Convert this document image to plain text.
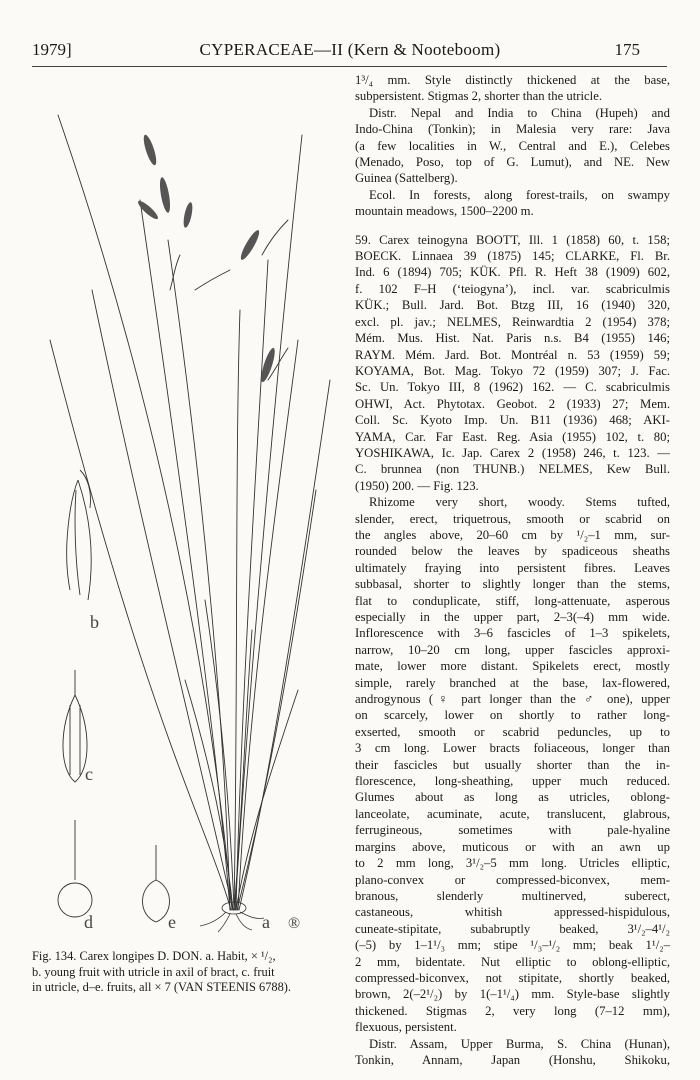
1979]	CYPERACEAE—II (Kern & Nooteboom)	175
b
c
d	e	a ®
Fig. 134. Carex longipes D. DON. a. Habit, × ¹/₂,
b. young fruit with utricle in axil of bract, c. fruit
in utricle, d–e. fruits, all × 7 (VAN STEENIS 6788).

1³/₄ mm. Style distinctly thickened at the base,
subpersistent. Stigmas 2, shorter than the utricle.

Distr. Nepal and India to China (Hupeh) and
Indo-China (Tonkin); in Malesia very rare: Java
(a few localities in W., Central and E.), Celebes
(Menado, Poso, top of G. Lumut), and NE. New
Guinea (Sattelberg).

Ecol. In forests, along forest-trails, on swampy
mountain meadows, 1500–2200 m.

59. Carex teinogyna BOOTT, Ill. 1 (1858) 60, t. 158;
BOECK. Linnaea 39 (1875) 145; CLARKE, Fl. Br.
Ind. 6 (1894) 705; KÜK. Pfl. R. Heft 38 (1909) 602,
f. 102 F–H (‘teiogyna’), incl. var. scabriculmis
KÜK.; Bull. Jard. Bot. Btzg III, 16 (1940) 320,
excl. pl. jav.; NELMES, Reinwardtia 2 (1954) 378;
Mém. Mus. Hist. Nat. Paris n.s. B4 (1955) 146;
RAYM. Mém. Jard. Bot. Montréal n. 53 (1959) 59;
KOYAMA, Bot. Mag. Tokyo 72 (1959) 307; J. Fac.
Sc. Un. Tokyo III, 8 (1962) 162. — C. scabriculmis
OHWI, Act. Phytotax. Geobot. 2 (1933) 27; Mem.
Coll. Sc. Kyoto Imp. Un. B11 (1936) 468; AKI-
YAMA, Car. Far East. Reg. Asia (1955) 102, t. 80;
YOSHIKAWA, Ic. Jap. Carex 2 (1958) 246, t. 123. —
C. brunnea (non THUNB.) NELMES, Kew Bull.
(1950) 200. — Fig. 123.

Rhizome very short, woody. Stems tufted,
slender, erect, triquetrous, smooth or scabrid on
the angles above, 20–60 cm by ¹/₂–1 mm, sur-
rounded below the leaves by spadiceous sheaths
ultimately fraying into persistent fibres. Leaves
subbasal, shorter to slightly longer than the stems,
flat to conduplicate, stiff, long-attenuate, asperous
especially in the upper part, 2–3(–4) mm wide.
Inflorescence with 3–6 fascicles of 1–3 spikelets,
narrow, 10–20 cm long, upper fascicles approxi-
mate, lower more distant. Spikelets erect, mostly
simple, rarely branched at the base, lax-flowered,
androgynous (♀ part longer than the ♂ one), upper
on scarcely, lower on shortly to rather long-
exserted, smooth or scabrid peduncles, up to
3 cm long. Lower bracts foliaceous, longer than
their fascicles but usually shorter than the in-
florescence, long-sheathing, upper much reduced.
Glumes about as long as utricles, oblong-
lanceolate, acuminate, acute, translucent, glabrous,
ferrugineous, sometimes with pale-hyaline
margins above, muticous or with an awn up
to 2 mm long, 3¹/₂–5 mm long. Utricles elliptic,
plano-convex or compressed-biconvex, mem-
branous, slenderly multinerved, suberect,
castaneous, whitish appressed-hispidulous,
cuneate-stipitate, subabruptly beaked, 3¹/₂–4¹/₂
(–5) by 1–1¹/₃ mm; stipe ¹/₃–¹/₂ mm; beak 1¹/₂–
2 mm, bidentate. Nut elliptic to oblong-elliptic,
compressed-biconvex, not stipitate, shortly beaked,
brown, 2(–2¹/₂) by 1(–1¹/₄) mm. Style-base slightly
thickened. Stigmas 2, very long (7–12 mm),
flexuous, persistent.

Distr. Assam, Upper Burma, S. China (Hunan),
Tonkin, Annam, Japan (Honshu, Shikoku,
